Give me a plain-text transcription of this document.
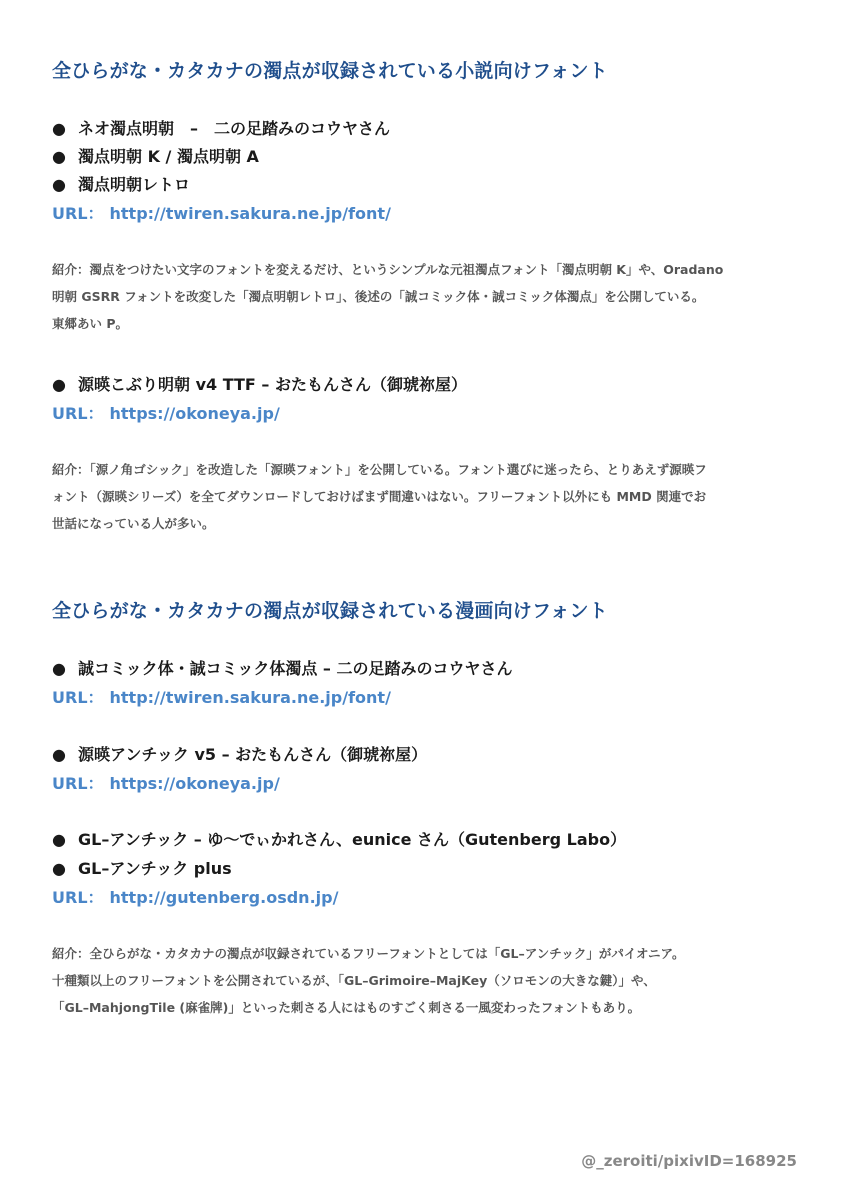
全ひらがな・カタカナの濁点が収録されている小説向けフォント
● ネオ濁点明朝　–　二の足踏みのコウヤさん
● 濁点明朝 K / 濁点明朝 A
● 濁点明朝レトロ
URL： http://twiren.sakura.ne.jp/font/
紹介：濁点をつけたい文字のフォントを変えるだけ、というシンプルな元祖濁点フォント「濁点明朝 K」や、Oradano
明朝 GSRR フォントを改変した「濁点明朝レトロ」、後述の「誠コミック体・誠コミック体濁点」を公開している。
東郷あい P。
● 源暎こぶり明朝 v4 TTF – おたもんさん（御琥祢屋）
URL： https://okoneya.jp/
紹介：「源ノ角ゴシック」を改造した「源暎フォント」を公開している。フォント選びに迷ったら、とりあえず源暎フ
ォント（源暎シリーズ）を全てダウンロードしておけばまず間違いはない。フリーフォント以外にも MMD 関連でお
世話になっている人が多い。
全ひらがな・カタカナの濁点が収録されている漫画向けフォント
● 誠コミック体・誠コミック体濁点 – 二の足踏みのコウヤさん
URL： http://twiren.sakura.ne.jp/font/
● 源暎アンチック v5 – おたもんさん（御琥祢屋）
URL： https://okoneya.jp/
● GL–アンチック – ゆ〜でぃかれさん、eunice さん（Gutenberg Labo）
● GL–アンチック plus
URL： http://gutenberg.osdn.jp/
紹介：全ひらがな・カタカナの濁点が収録されているフリーフォントとしては「GL–アンチック」がパイオニア。
十種類以上のフリーフォントを公開されているが、「GL–Grimoire–MajKey（ソロモンの大きな鍵）」や、
「GL–MahjongTile (麻雀牌)」といった刺さる人にはものすごく刺さる一風変わったフォントもあり。
@_zeroiti/pixivID=168925
